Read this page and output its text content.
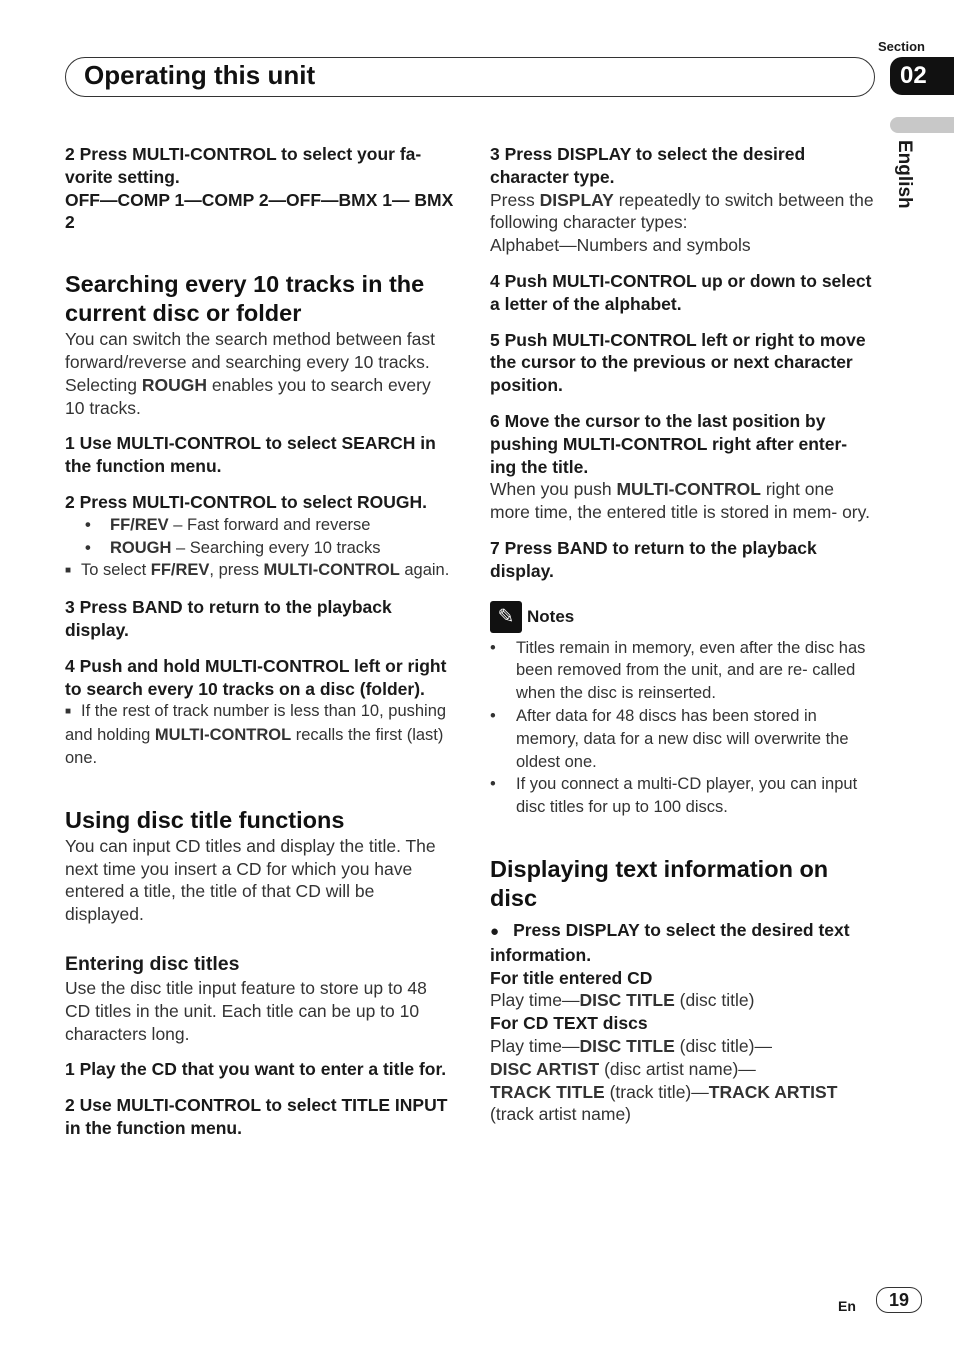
Operating this unit
Section
02
English

2 Press MULTI-CONTROL to select your fa- vorite setting.

OFF—COMP 1—COMP 2—OFF—BMX 1— BMX 2

Searching every 10 tracks in the current disc or folder

You can switch the search method between fast forward/reverse and searching every 10 tracks. Selecting ROUGH enables you to search every 10 tracks.

1 Use MULTI-CONTROL to select SEARCH in the function menu.

2 Press MULTI-CONTROL to select ROUGH.

• FF/REV – Fast forward and reverse

• ROUGH – Searching every 10 tracks

■ To select FF/REV, press MULTI-CONTROL again.

3 Press BAND to return to the playback display.

4 Push and hold MULTI-CONTROL left or right to search every 10 tracks on a disc (folder).

■ If the rest of track number is less than 10, pushing and holding MULTI-CONTROL recalls the first (last) one.

Using disc title functions

You can input CD titles and display the title. The next time you insert a CD for which you have entered a title, the title of that CD will be displayed.

Entering disc titles

Use the disc title input feature to store up to 48 CD titles in the unit. Each title can be up to 10 characters long.

1 Play the CD that you want to enter a title for.

2 Use MULTI-CONTROL to select TITLE INPUT in the function menu.

3 Press DISPLAY to select the desired character type.

Press DISPLAY repeatedly to switch between the following character types:

Alphabet—Numbers and symbols

4 Push MULTI-CONTROL up or down to select a letter of the alphabet.

5 Push MULTI-CONTROL left or right to move the cursor to the previous or next character position.

6 Move the cursor to the last position by pushing MULTI-CONTROL right after enter- ing the title.

When you push MULTI-CONTROL right one more time, the entered title is stored in mem- ory.

7 Press BAND to return to the playback display.

✎ Notes

• Titles remain in memory, even after the disc has been removed from the unit, and are re- called when the disc is reinserted.

• After data for 48 discs has been stored in memory, data for a new disc will overwrite the oldest one.

• If you connect a multi-CD player, you can input disc titles for up to 100 discs.

Displaying text information on disc

● Press DISPLAY to select the desired text information.

For title entered CD

Play time—DISC TITLE (disc title)

For CD TEXT discs

Play time—DISC TITLE (disc title)—
DISC ARTIST (disc artist name)—
TRACK TITLE (track title)—TRACK ARTIST
(track artist name)

En	19
